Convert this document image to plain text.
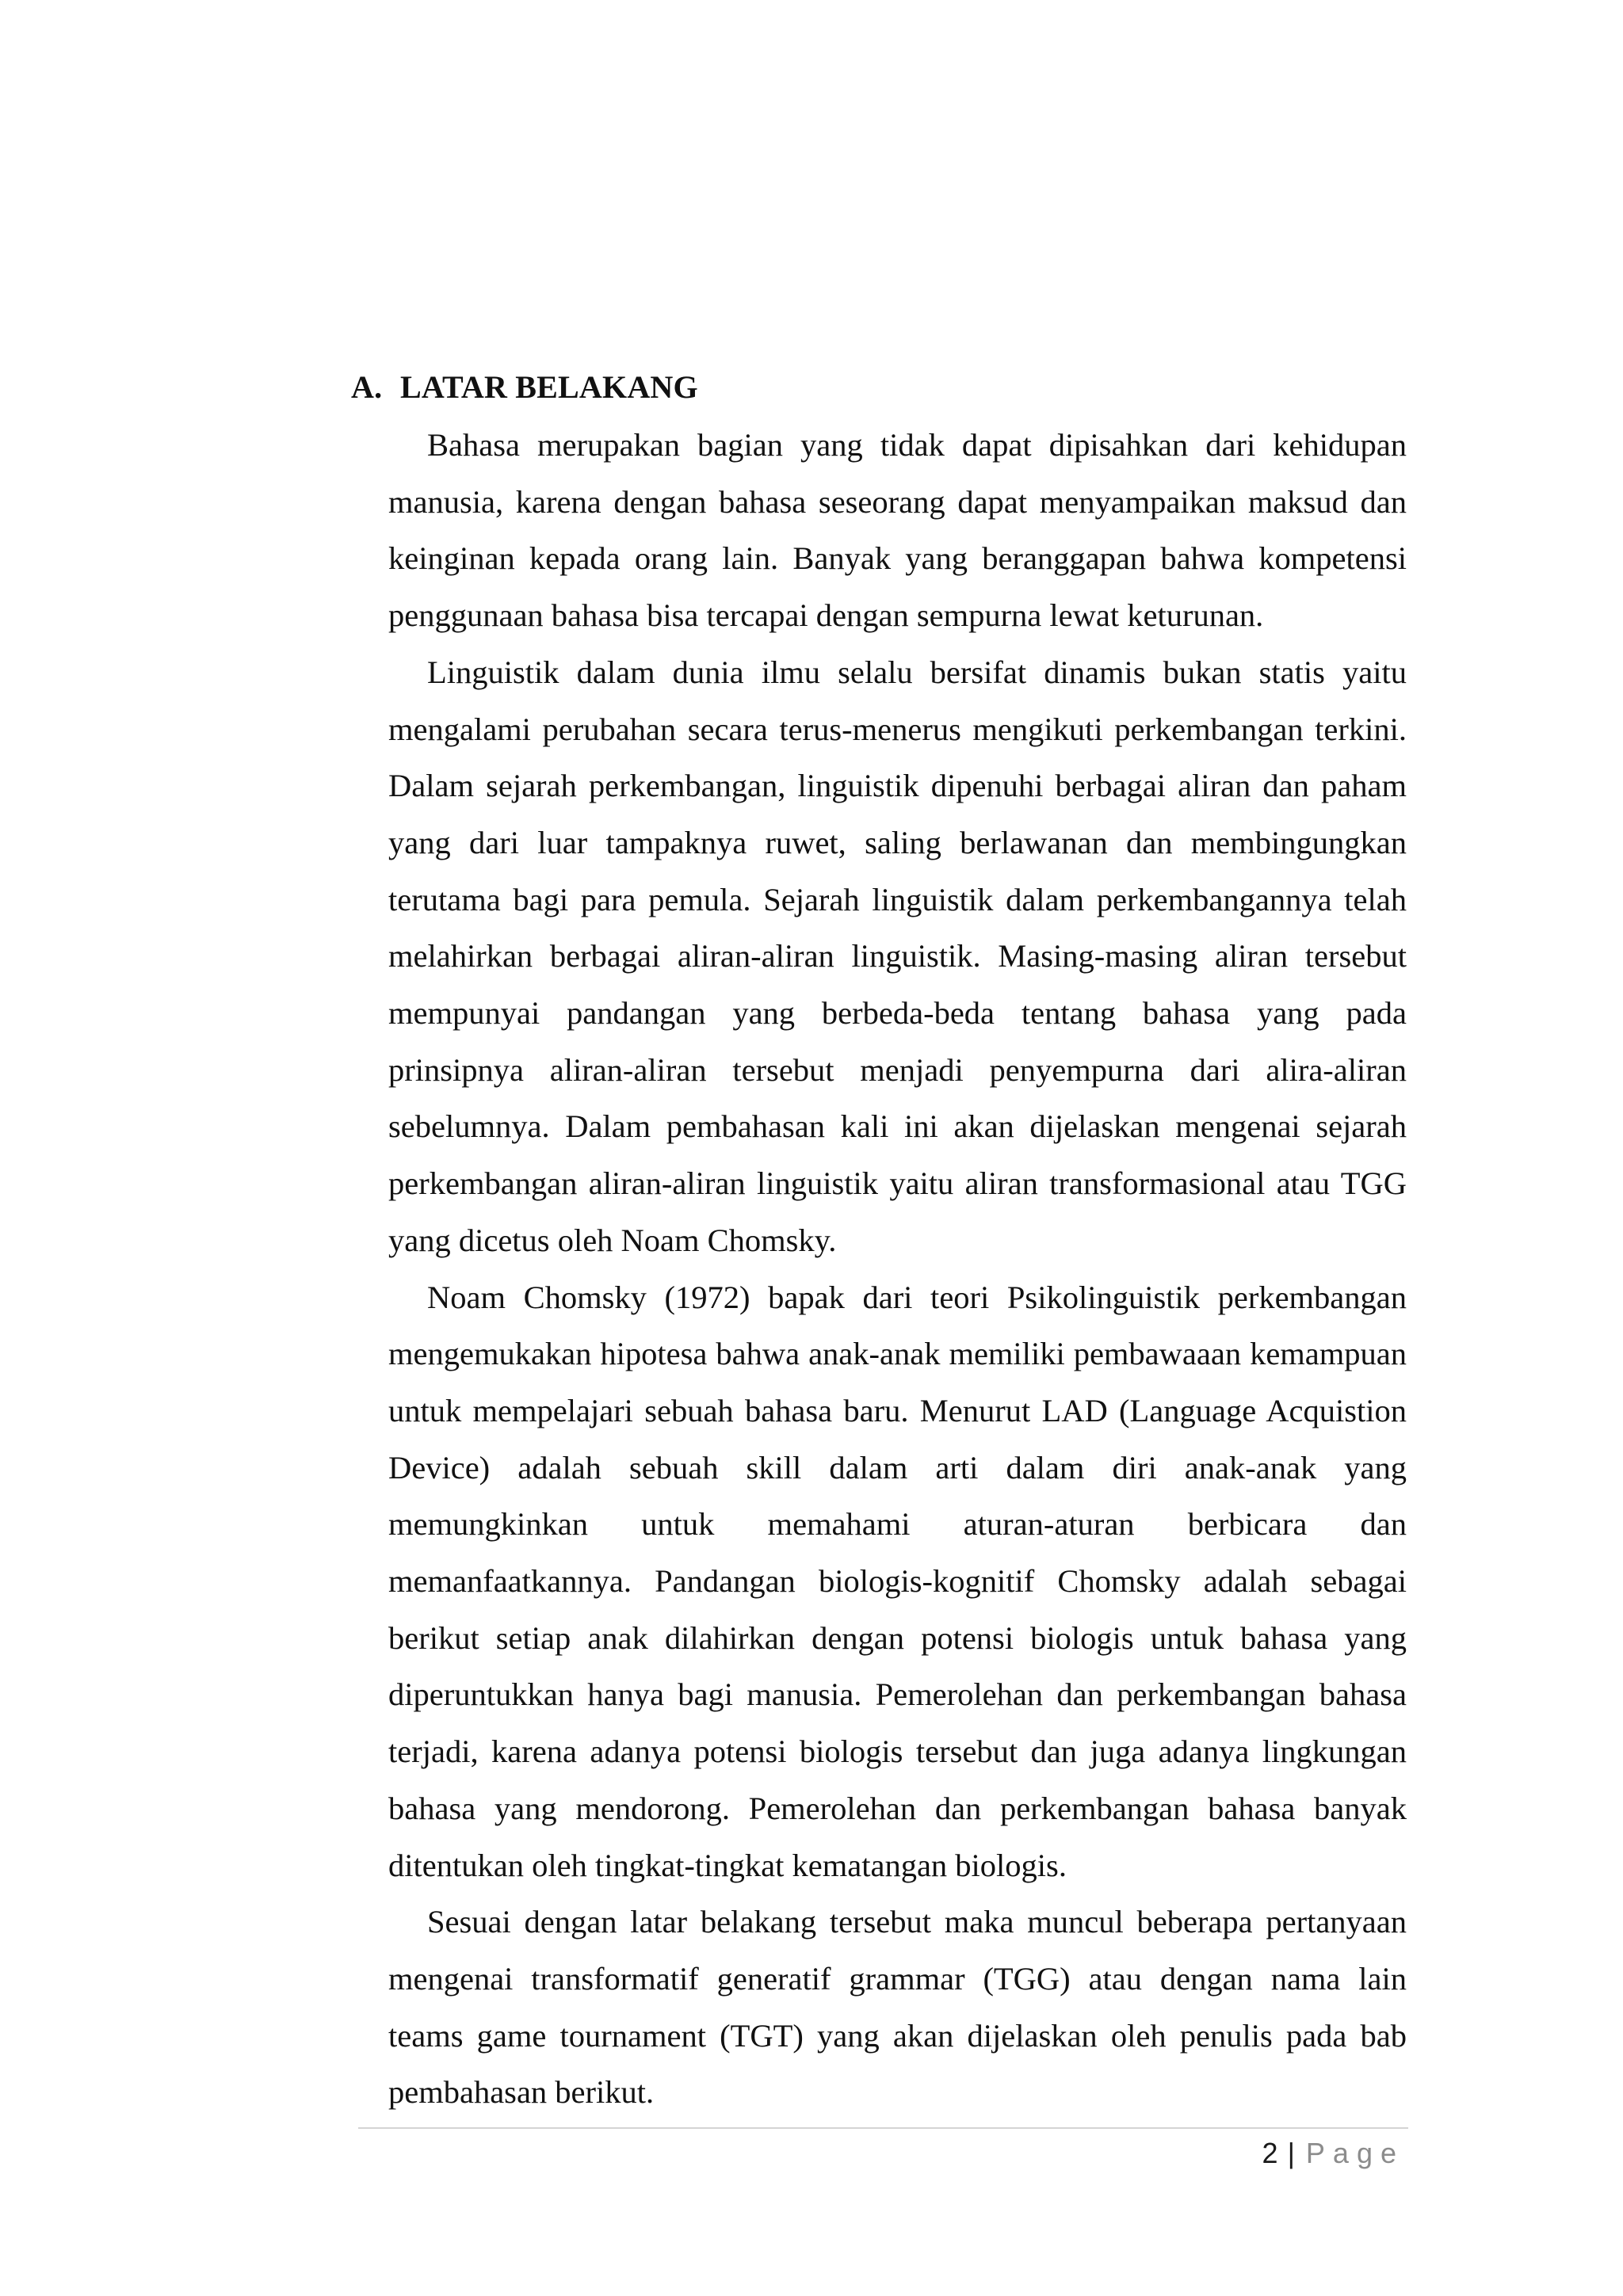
A. LATAR BELAKANG

Bahasa merupakan bagian yang tidak dapat dipisahkan dari kehidupan manusia, karena dengan bahasa seseorang dapat menyampaikan maksud dan keinginan kepada orang lain. Banyak yang beranggapan bahwa kompetensi penggunaan bahasa bisa tercapai dengan sempurna lewat keturunan.

Linguistik dalam dunia ilmu selalu bersifat dinamis bukan statis yaitu mengalami perubahan secara terus-menerus mengikuti perkembangan terkini. Dalam sejarah perkembangan, linguistik dipenuhi berbagai aliran dan paham yang dari luar tampaknya ruwet, saling berlawanan dan membingungkan terutama bagi para pemula. Sejarah linguistik dalam perkembangannya telah melahirkan berbagai aliran-aliran linguistik. Masing-masing aliran tersebut mempunyai pandangan yang berbeda-beda tentang bahasa yang pada prinsipnya aliran-aliran tersebut menjadi penyempurna dari alira-aliran sebelumnya. Dalam pembahasan kali ini akan dijelaskan mengenai sejarah perkembangan aliran-aliran linguistik yaitu aliran transformasional atau TGG yang dicetus oleh Noam Chomsky.

Noam Chomsky (1972) bapak dari teori Psikolinguistik perkembangan mengemukakan hipotesa bahwa anak-anak memiliki pembawaaan kemampuan untuk mempelajari sebuah bahasa baru. Menurut LAD (Language Acquistion Device) adalah sebuah skill dalam arti dalam diri anak-anak yang memungkinkan untuk memahami aturan-aturan berbicara dan memanfaatkannya. Pandangan biologis-kognitif Chomsky adalah sebagai berikut setiap anak dilahirkan dengan potensi biologis untuk bahasa yang diperuntukkan hanya bagi manusia. Pemerolehan dan perkembangan bahasa terjadi, karena adanya potensi biologis tersebut dan juga adanya lingkungan bahasa yang mendorong. Pemerolehan dan perkembangan bahasa banyak ditentukan oleh tingkat-tingkat kematangan biologis.

Sesuai dengan latar belakang tersebut maka muncul beberapa pertanyaan mengenai transformatif generatif grammar (TGG) atau dengan nama lain teams game tournament (TGT) yang akan dijelaskan oleh penulis pada bab pembahasan berikut.

2 | Page
